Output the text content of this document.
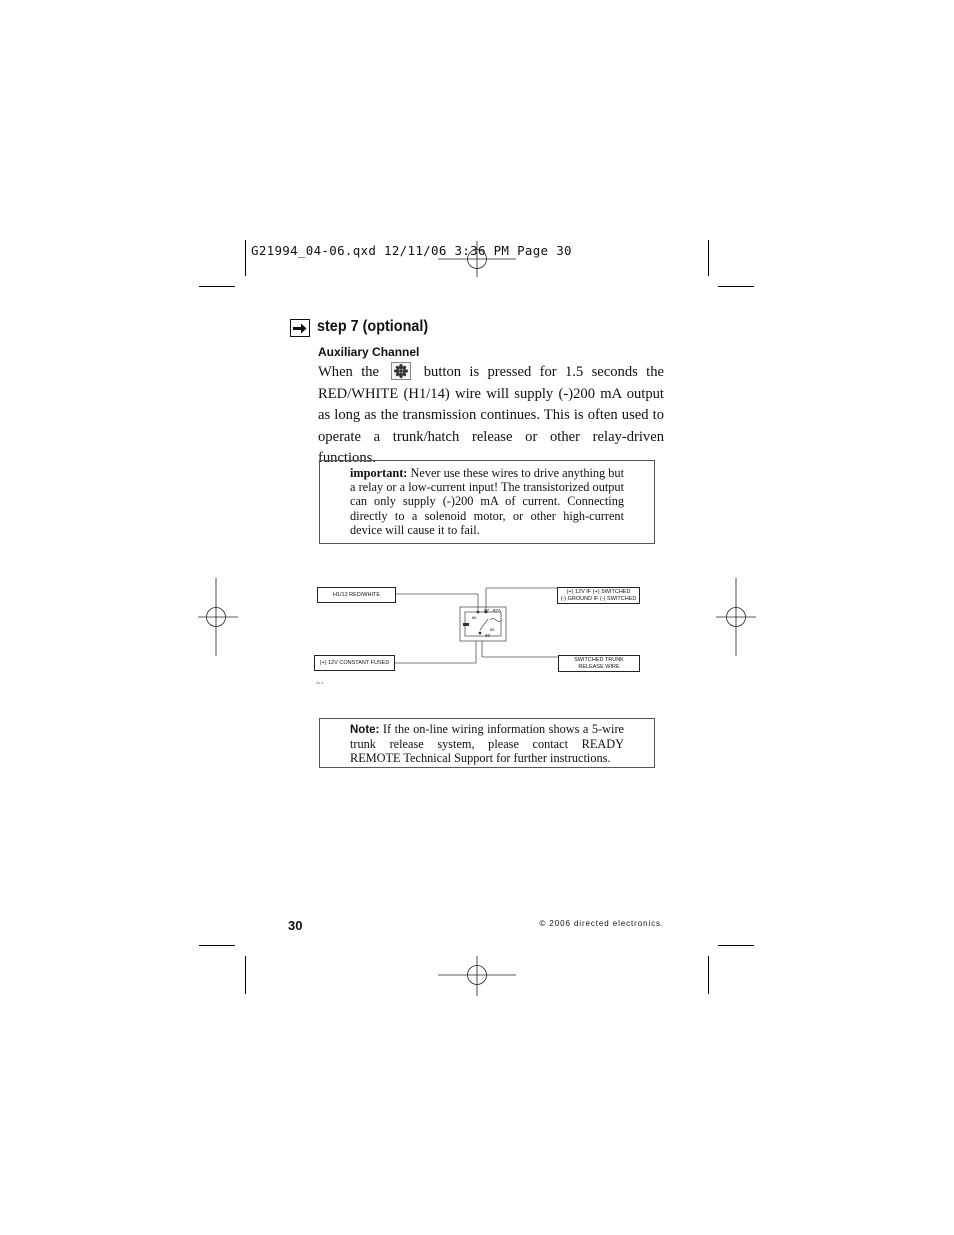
G21994_04-06.qxd 12/11/06 3:36 PM Page 30
step 7 (optional)
Auxiliary Channel
When the	button is pressed for 1.5 seconds the RED/WHITE (H1/14) wire will supply (-)200 mA output as long as the transmission continues. This is often used to operate a trunk/hatch release or other relay-driven functions.
important: Never use these wires to drive anything but a relay or a low-current input! The transistorized output can only supply (-)200 mA of current. Connecting directly to a solenoid motor, or other high-current device will cause it to fail.
87 87A
86
85
30
H1/12 RED/WHITE	(+) 12V IF (+) SWITCHED
(-) GROUND IF (-) SWITCHED
(+) 12V CONSTANT FUSED	SWITCHED TRUNK
RELEASE WIRE
Dv-4
Note: If the on-line wiring information shows a 5-wire trunk release system, please contact READY REMOTE Technical Support for further instructions.
30	© 2006 directed electronics.
